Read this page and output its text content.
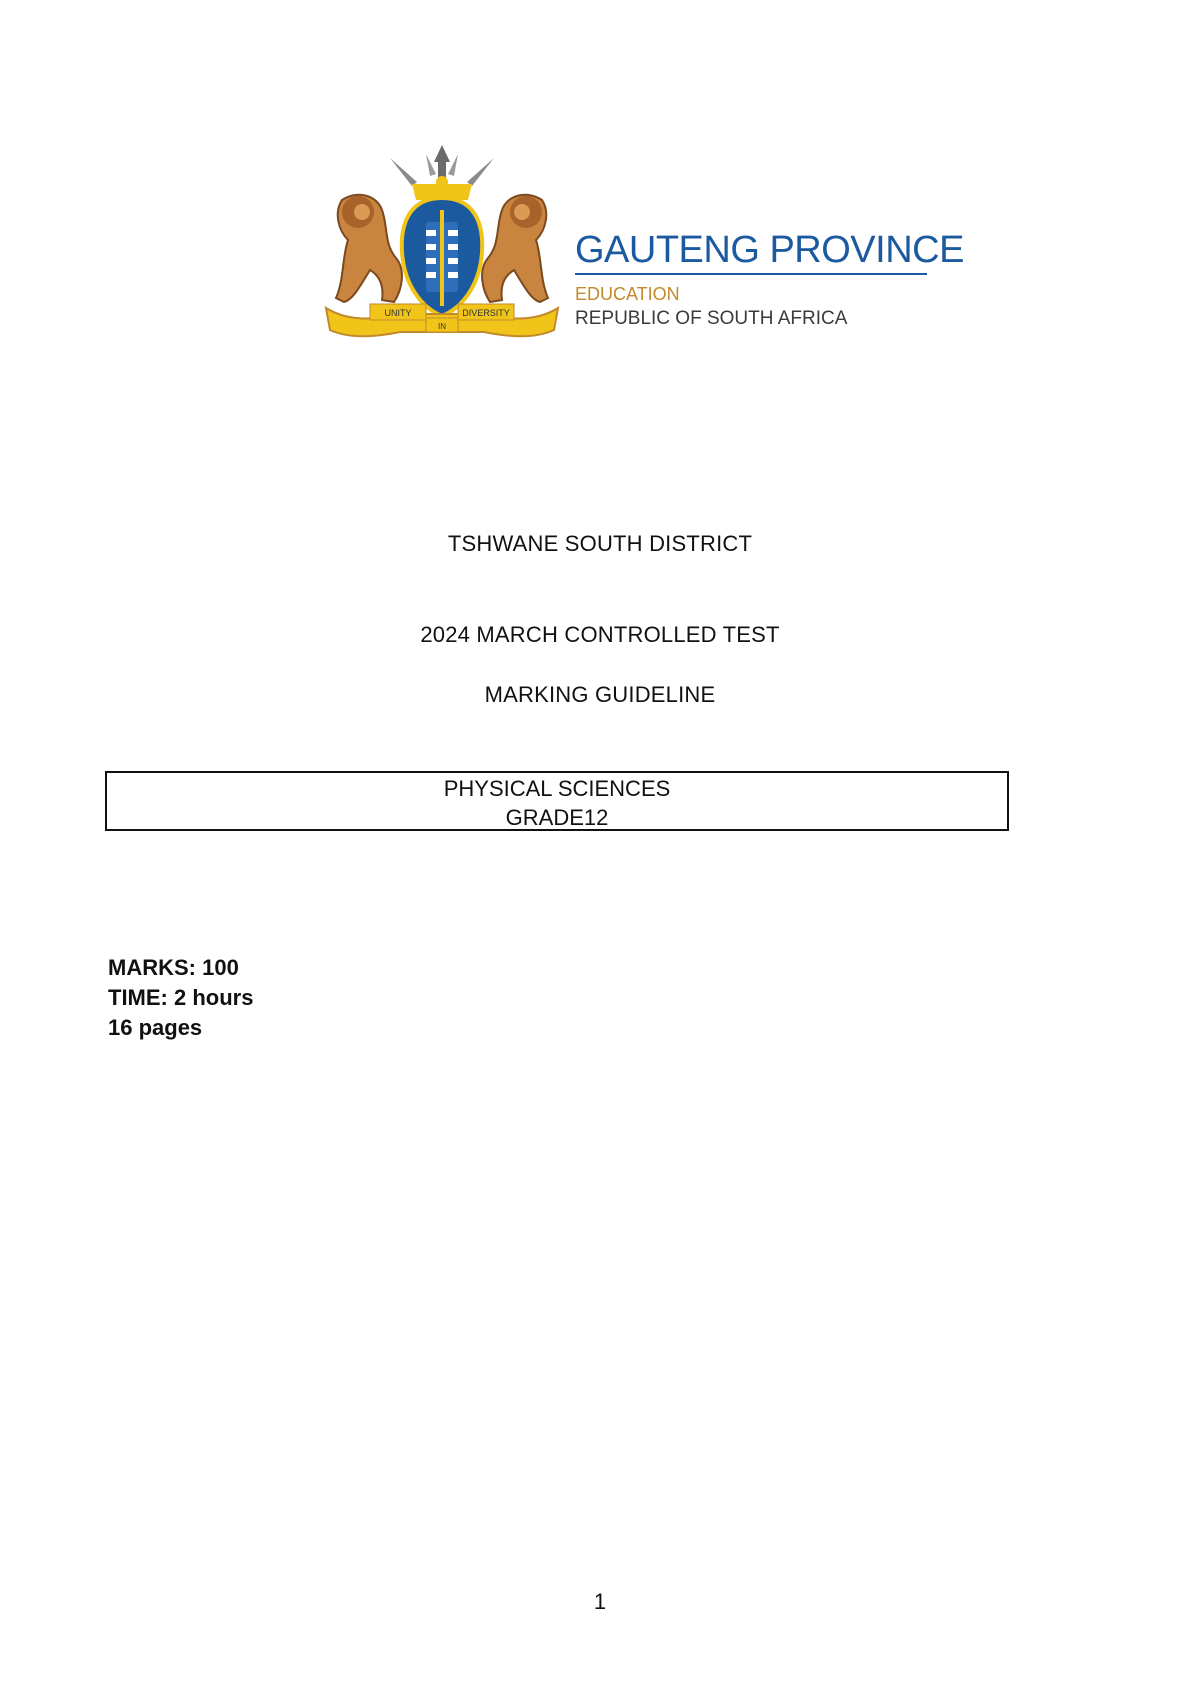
UNITY
IN
DIVERSITY
GAUTENG PROVINCE
EDUCATION
REPUBLIC OF SOUTH AFRICA
TSHWANE SOUTH DISTRICT
2024 MARCH CONTROLLED TEST
MARKING GUIDELINE
PHYSICAL SCIENCES
GRADE12
MARKS: 100
TIME: 2 hours
16 pages
1
